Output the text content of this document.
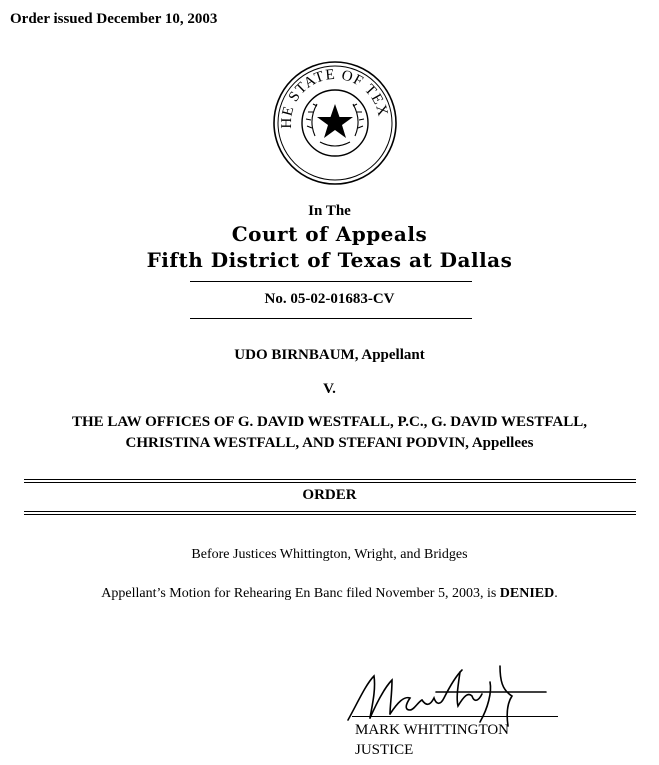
Order issued December 10, 2003
HE STATE OF TEX
In The
Court of Appeals
Fifth District of Texas at Dallas
No. 05-02-01683-CV
UDO BIRNBAUM, Appellant
V.
THE LAW OFFICES OF G. DAVID WESTFALL, P.C., G. DAVID WESTFALL,
CHRISTINA WESTFALL, AND STEFANI PODVIN, Appellees
ORDER
Before Justices Whittington, Wright, and Bridges
Appellant’s Motion for Rehearing En Banc filed November 5, 2003, is DENIED.
MARK WHITTINGTON
JUSTICE
